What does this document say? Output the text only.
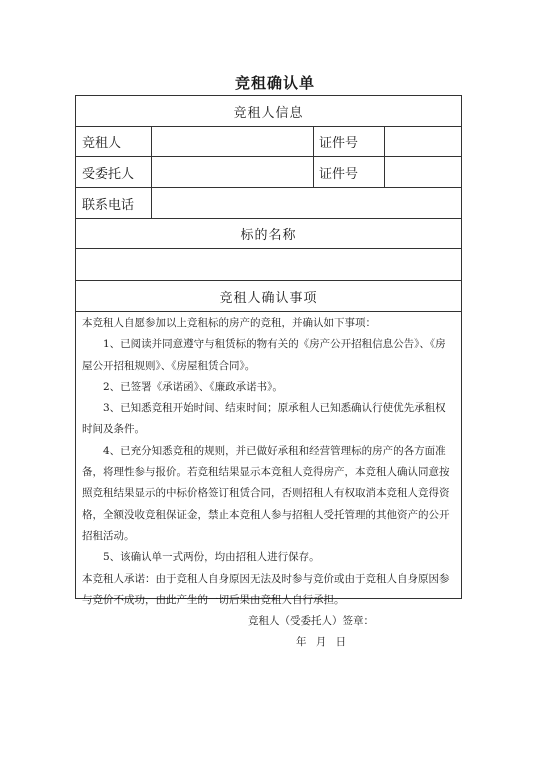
竞租确认单
竞租人信息
竞租人	证件号
受委托人	证件号
联系电话
标的名称
竞租人确认事项

本竞租人自愿参加以上竞租标的房产的竞租，并确认如下事项：

1、已阅读并同意遵守与租赁标的物有关的《房产公开招租信息公告》、《房屋公开招租规则》、《房屋租赁合同》。

2、已签署《承诺函》、《廉政承诺书》。

3、已知悉竞租开始时间、结束时间；原承租人已知悉确认行使优先承租权时间及条件。

4、已充分知悉竞租的规则，并已做好承租和经营管理标的房产的各方面准备，将理性参与报价。若竞租结果显示本竞租人竞得房产，本竞租人确认同意按照竞租结果显示的中标价格签订租赁合同，否则招租人有权取消本竞租人竞得资格，全额没收竞租保证金，禁止本竞租人参与招租人受托管理的其他资产的公开招租活动。

5、该确认单一式两份，均由招租人进行保存。

本竞租人承诺：由于竞租人自身原因无法及时参与竞价或由于竞租人自身原因参与竞价不成功，由此产生的一切后果由竞租人自行承担。

竞租人（受委托人）签章：

年 月 日
